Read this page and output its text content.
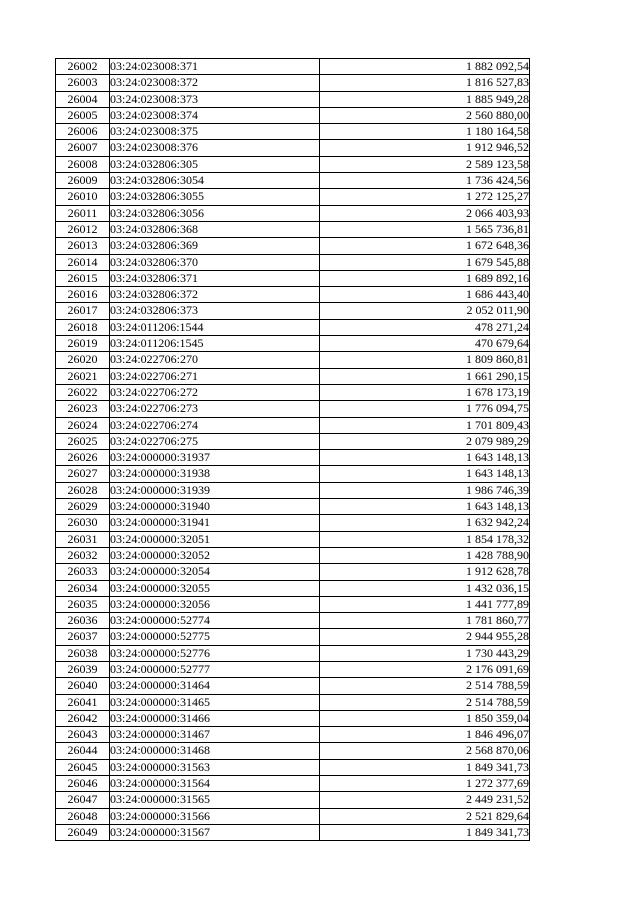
26002	03:24:023008:371	1 882 092,54
26003	03:24:023008:372	1 816 527,83
26004	03:24:023008:373	1 885 949,28
26005	03:24:023008:374	2 560 880,00
26006	03:24:023008:375	1 180 164,58
26007	03:24:023008:376	1 912 946,52
26008	03:24:032806:305	2 589 123,58
26009	03:24:032806:3054	1 736 424,56
26010	03:24:032806:3055	1 272 125,27
26011	03:24:032806:3056	2 066 403,93
26012	03:24:032806:368	1 565 736,81
26013	03:24:032806:369	1 672 648,36
26014	03:24:032806:370	1 679 545,88
26015	03:24:032806:371	1 689 892,16
26016	03:24:032806:372	1 686 443,40
26017	03:24:032806:373	2 052 011,90
26018	03:24:011206:1544	478 271,24
26019	03:24:011206:1545	470 679,64
26020	03:24:022706:270	1 809 860,81
26021	03:24:022706:271	1 661 290,15
26022	03:24:022706:272	1 678 173,19
26023	03:24:022706:273	1 776 094,75
26024	03:24:022706:274	1 701 809,43
26025	03:24:022706:275	2 079 989,29
26026	03:24:000000:31937	1 643 148,13
26027	03:24:000000:31938	1 643 148,13
26028	03:24:000000:31939	1 986 746,39
26029	03:24:000000:31940	1 643 148,13
26030	03:24:000000:31941	1 632 942,24
26031	03:24:000000:32051	1 854 178,32
26032	03:24:000000:32052	1 428 788,90
26033	03:24:000000:32054	1 912 628,78
26034	03:24:000000:32055	1 432 036,15
26035	03:24:000000:32056	1 441 777,89
26036	03:24:000000:52774	1 781 860,77
26037	03:24:000000:52775	2 944 955,28
26038	03:24:000000:52776	1 730 443,29
26039	03:24:000000:52777	2 176 091,69
26040	03:24:000000:31464	2 514 788,59
26041	03:24:000000:31465	2 514 788,59
26042	03:24:000000:31466	1 850 359,04
26043	03:24:000000:31467	1 846 496,07
26044	03:24:000000:31468	2 568 870,06
26045	03:24:000000:31563	1 849 341,73
26046	03:24:000000:31564	1 272 377,69
26047	03:24:000000:31565	2 449 231,52
26048	03:24:000000:31566	2 521 829,64
26049	03:24:000000:31567	1 849 341,73
